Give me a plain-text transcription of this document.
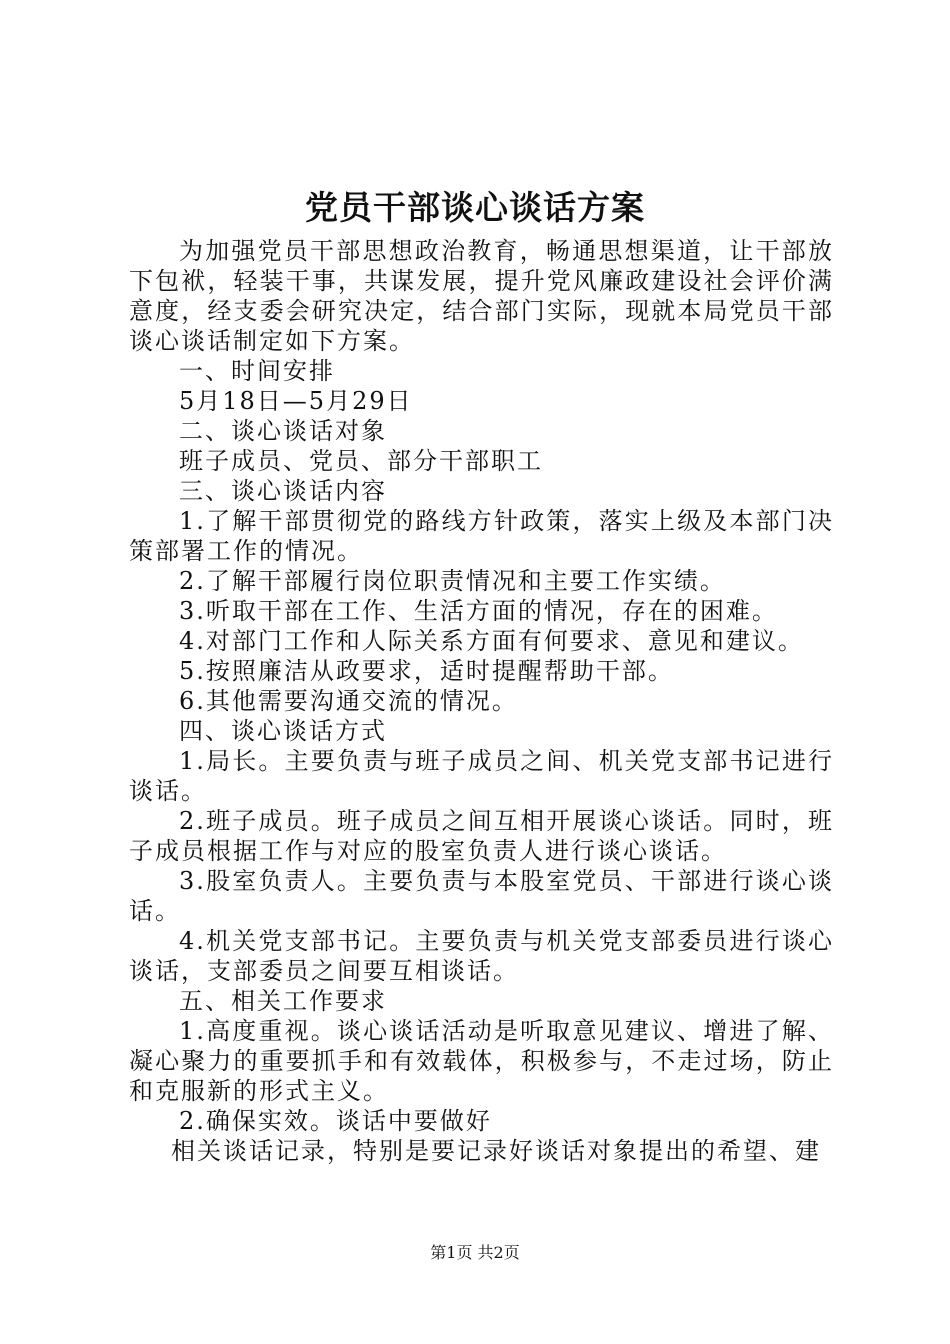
党员干部谈心谈话方案

为加强党员干部思想政治教育，畅通思想渠道，让干部放下包袱，轻装干事，共谋发展，提升党风廉政建设社会评价满意度，经支委会研究决定，结合部门实际，现就本局党员干部谈心谈话制定如下方案。

一、时间安排

5月18日—5月29日

二、谈心谈话对象

班子成员、党员、部分干部职工

三、谈心谈话内容

1.了解干部贯彻党的路线方针政策，落实上级及本部门决策部署工作的情况。

2.了解干部履行岗位职责情况和主要工作实绩。

3.听取干部在工作、生活方面的情况，存在的困难。

4.对部门工作和人际关系方面有何要求、意见和建议。

5.按照廉洁从政要求，适时提醒帮助干部。

6.其他需要沟通交流的情况。

四、谈心谈话方式

1.局长。主要负责与班子成员之间、机关党支部书记进行谈话。

2.班子成员。班子成员之间互相开展谈心谈话。同时，班子成员根据工作与对应的股室负责人进行谈心谈话。

3.股室负责人。主要负责与本股室党员、干部进行谈心谈话。

4.机关党支部书记。主要负责与机关党支部委员进行谈心谈话，支部委员之间要互相谈话。

五、相关工作要求

1.高度重视。谈心谈话活动是听取意见建议、增进了解、凝心聚力的重要抓手和有效载体，积极参与，不走过场，防止和克服新的形式主义。

2.确保实效。谈话中要做好

相关谈话记录，特别是要记录好谈话对象提出的希望、建

第1页 共2页
